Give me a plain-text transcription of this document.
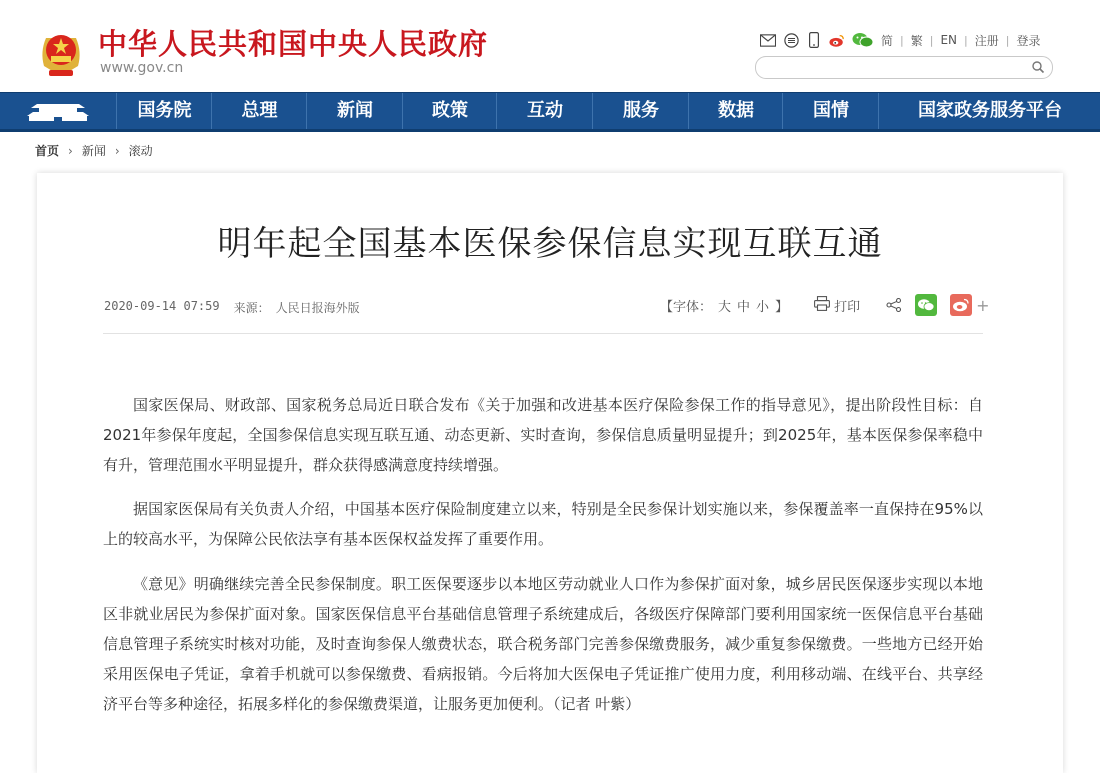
中华人民共和国中央人民政府
www.gov.cn
简 | 繁 | EN | 注册 | 登录
国务院	总理	新闻	政策	互动	服务	数据	国情	国家政务服务平台
首页 › 新闻 › 滚动
明年起全国基本医保参保信息实现互联互通
2020-09-14 07:59 来源： 人民日报海外版	【字体： 大 中 小 】	打印	+

国家医保局、财政部、国家税务总局近日联合发布《关于加强和改进基本医疗保险参保工作的指导意见》，提出阶段性目标：自2021年参保年度起，全国参保信息实现互联互通、动态更新、实时查询，参保信息质量明显提升；到2025年，基本医保参保率稳中有升，管理范围水平明显提升，群众获得感满意度持续增强。

据国家医保局有关负责人介绍，中国基本医疗保险制度建立以来，特别是全民参保计划实施以来，参保覆盖率一直保持在95%以上的较高水平，为保障公民依法享有基本医保权益发挥了重要作用。

《意见》明确继续完善全民参保制度。职工医保要逐步以本地区劳动就业人口作为参保扩面对象，城乡居民医保逐步实现以本地区非就业居民为参保扩面对象。国家医保信息平台基础信息管理子系统建成后，各级医疗保障部门要利用国家统一医保信息平台基础信息管理子系统实时核对功能，及时查询参保人缴费状态，联合税务部门完善参保缴费服务，减少重复参保缴费。一些地方已经开始采用医保电子凭证，拿着手机就可以参保缴费、看病报销。今后将加大医保电子凭证推广使用力度，利用移动端、在线平台、共享经济平台等多种途径，拓展多样化的参保缴费渠道，让服务更加便利。（记者 叶紫）
